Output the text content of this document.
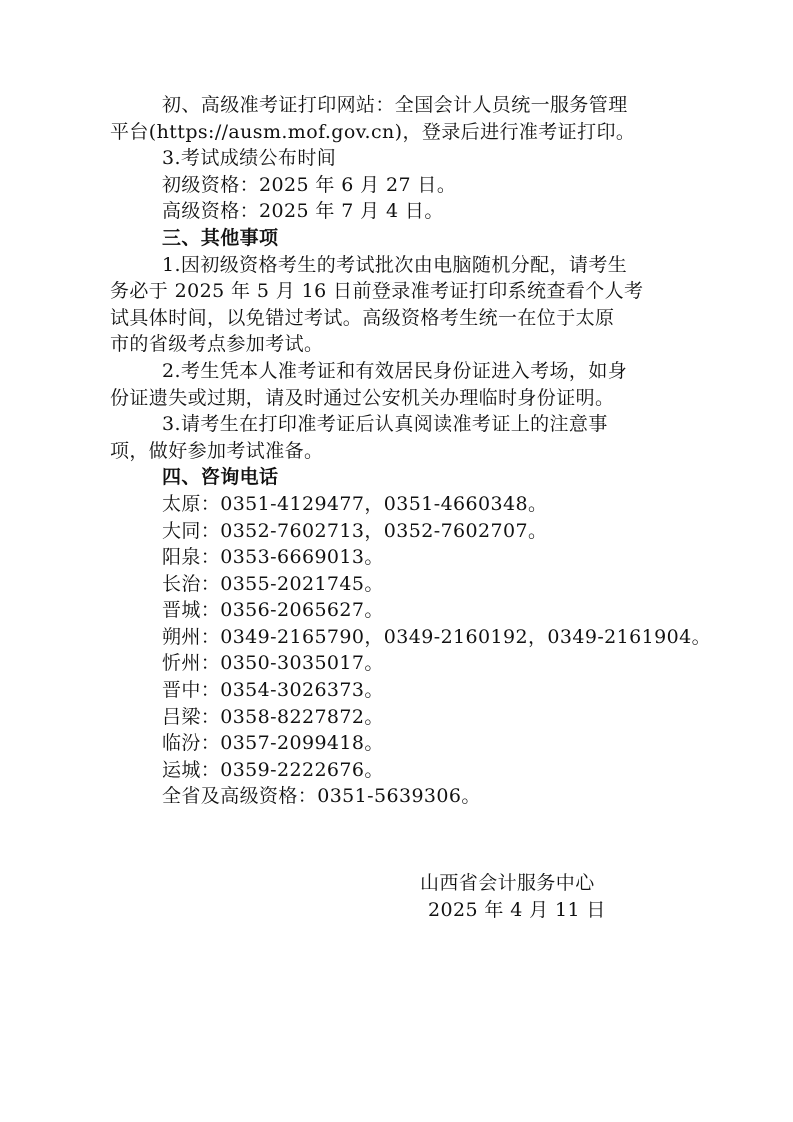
初、高级准考证打印网站：全国会计人员统一服务管理
平台(https://ausm.mof.gov.cn)，登录后进行准考证打印。
3.考试成绩公布时间
初级资格：2025 年 6 月 27 日。
高级资格：2025 年 7 月 4 日。
三、其他事项
1.因初级资格考生的考试批次由电脑随机分配，请考生
务必于 2025 年 5 月 16 日前登录准考证打印系统查看个人考
试具体时间，以免错过考试。高级资格考生统一在位于太原
市的省级考点参加考试。
2.考生凭本人准考证和有效居民身份证进入考场，如身
份证遗失或过期，请及时通过公安机关办理临时身份证明。
3.请考生在打印准考证后认真阅读准考证上的注意事
项，做好参加考试准备。
四、咨询电话
太原：0351-4129477，0351-4660348。
大同：0352-7602713，0352-7602707。
阳泉：0353-6669013。
长治：0355-2021745。
晋城：0356-2065627。
朔州：0349-2165790，0349-2160192，0349-2161904。
忻州：0350-3035017。
晋中：0354-3026373。
吕梁：0358-8227872。
临汾：0357-2099418。
运城：0359-2222676。
全省及高级资格：0351-5639306。
山西省会计服务中心
2025 年 4 月 11 日
